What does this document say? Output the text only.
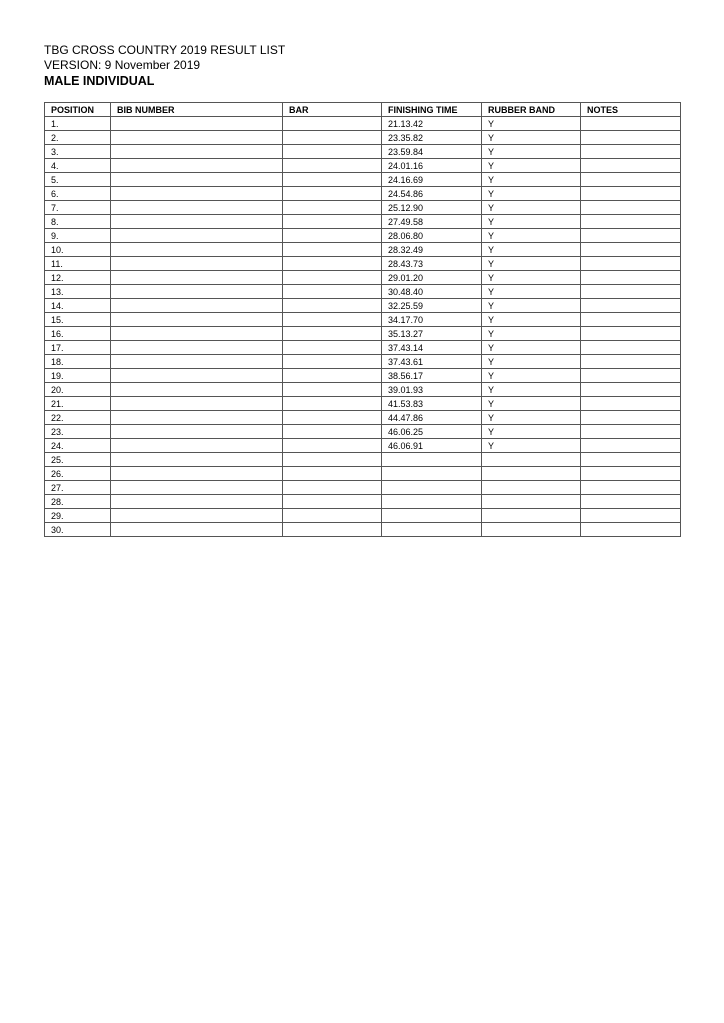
TBG CROSS COUNTRY 2019 RESULT LIST
VERSION: 9 November 2019
MALE INDIVIDUAL
POSITION	BIB NUMBER	BAR	FINISHING TIME	RUBBER BAND	NOTES
1.			21.13.42	Y	
2.			23.35.82	Y	
3.			23.59.84	Y	
4.			24.01.16	Y	
5.			24.16.69	Y	
6.			24.54.86	Y	
7.			25.12.90	Y	
8.			27.49.58	Y	
9.			28.06.80	Y	
10.			28.32.49	Y	
11.			28.43.73	Y	
12.			29.01.20	Y	
13.			30.48.40	Y	
14.			32.25.59	Y	
15.			34.17.70	Y	
16.			35.13.27	Y	
17.			37.43.14	Y	
18.			37.43.61	Y	
19.			38.56.17	Y	
20.			39.01.93	Y	
21.			41.53.83	Y	
22.			44.47.86	Y	
23.			46.06.25	Y	
24.			46.06.91	Y	
25.					
26.					
27.					
28.					
29.					
30.					
